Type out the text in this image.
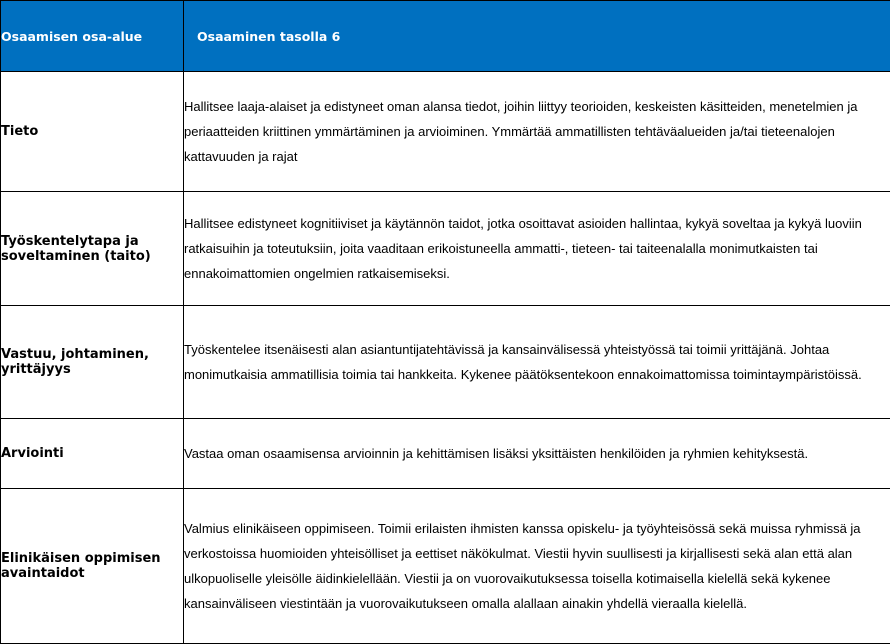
Osaamisen osa-alue	Osaaminen tasolla 6
Tieto	Hallitsee laaja-alaiset ja edistyneet oman alansa tiedot, joihin liittyy teorioiden, keskeisten käsitteiden, menetelmien ja periaatteiden kriittinen ymmärtäminen ja arvioiminen. Ymmärtää ammatillisten tehtäväalueiden ja/tai tieteenalojen kattavuuden ja rajat
Työskentelytapa ja soveltaminen (taito)	Hallitsee edistyneet kognitiiviset ja käytännön taidot, jotka osoittavat asioiden hallintaa, kykyä soveltaa ja kykyä luoviin ratkaisuihin ja toteutuksiin, joita vaaditaan erikoistuneella ammatti-, tieteen- tai taiteenalalla monimutkaisten tai ennakoimattomien ongelmien ratkaisemiseksi.
Vastuu, johtaminen, yrittäjyys	Työskentelee itsenäisesti alan asiantuntijatehtävissä ja kansainvälisessä yhteistyössä tai toimii yrittäjänä. Johtaa monimutkaisia ammatillisia toimia tai hankkeita. Kykenee päätöksentekoon ennakoimattomissa toimintaympäristöissä.
Arviointi	Vastaa oman osaamisensa arvioinnin ja kehittämisen lisäksi yksittäisten henkilöiden ja ryhmien kehityksestä.
Elinikäisen oppimisen avaintaidot	Valmius elinikäiseen oppimiseen. Toimii erilaisten ihmisten kanssa opiskelu- ja työyhteisössä sekä muissa ryhmissä ja verkostoissa huomioiden yhteisölliset ja eettiset näkökulmat. Viestii hyvin suullisesti ja kirjallisesti sekä alan että alan ulkopuoliselle yleisölle äidinkielellään. Viestii ja on vuorovaikutuksessa toisella kotimaisella kielellä sekä kykenee kansainväliseen viestintään ja vuorovaikutukseen omalla alallaan ainakin yhdellä vieraalla kielellä.
